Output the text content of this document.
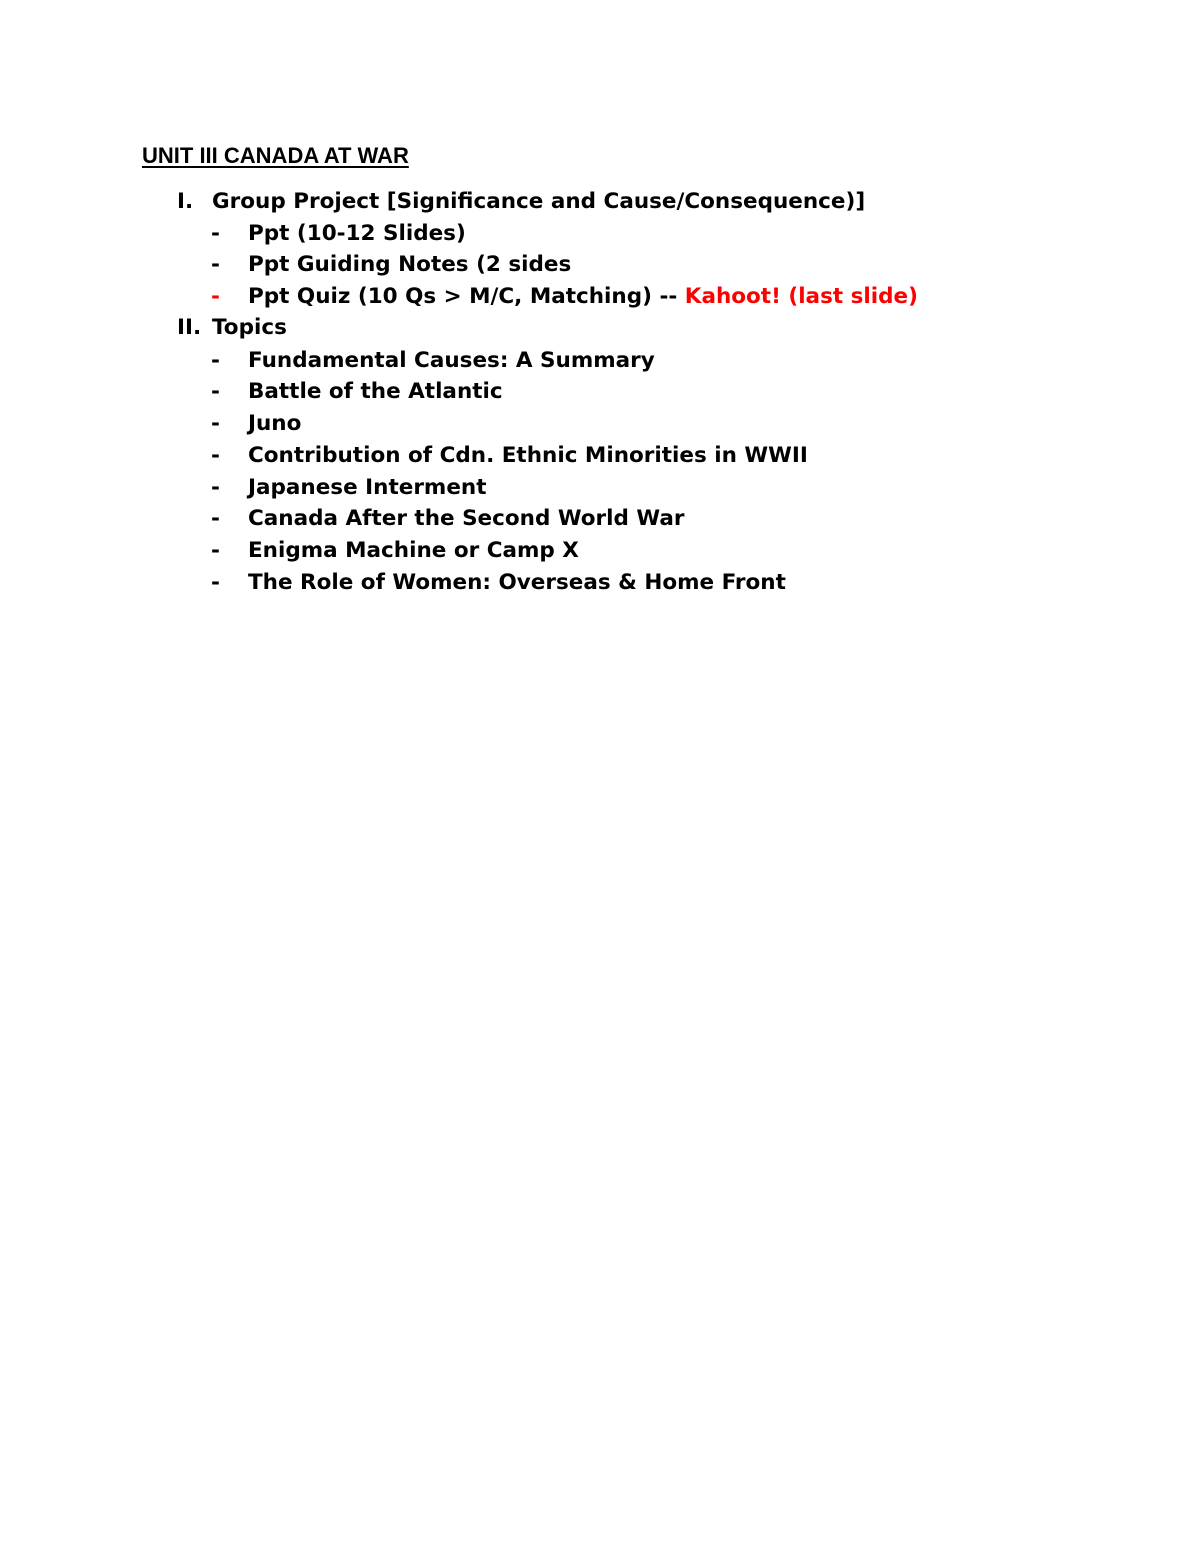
UNIT III CANADA AT WAR
I. Group Project [Significance and Cause/Consequence)]
- Ppt (10-12 Slides)
- Ppt Guiding Notes (2 sides
- Ppt Quiz (10 Qs > M/C, Matching) -- Kahoot! (last slide)
II. Topics
- Fundamental Causes: A Summary
- Battle of the Atlantic
- Juno
- Contribution of Cdn. Ethnic Minorities in WWII
- Japanese Interment
- Canada After the Second World War
- Enigma Machine or Camp X
- The Role of Women: Overseas & Home Front
